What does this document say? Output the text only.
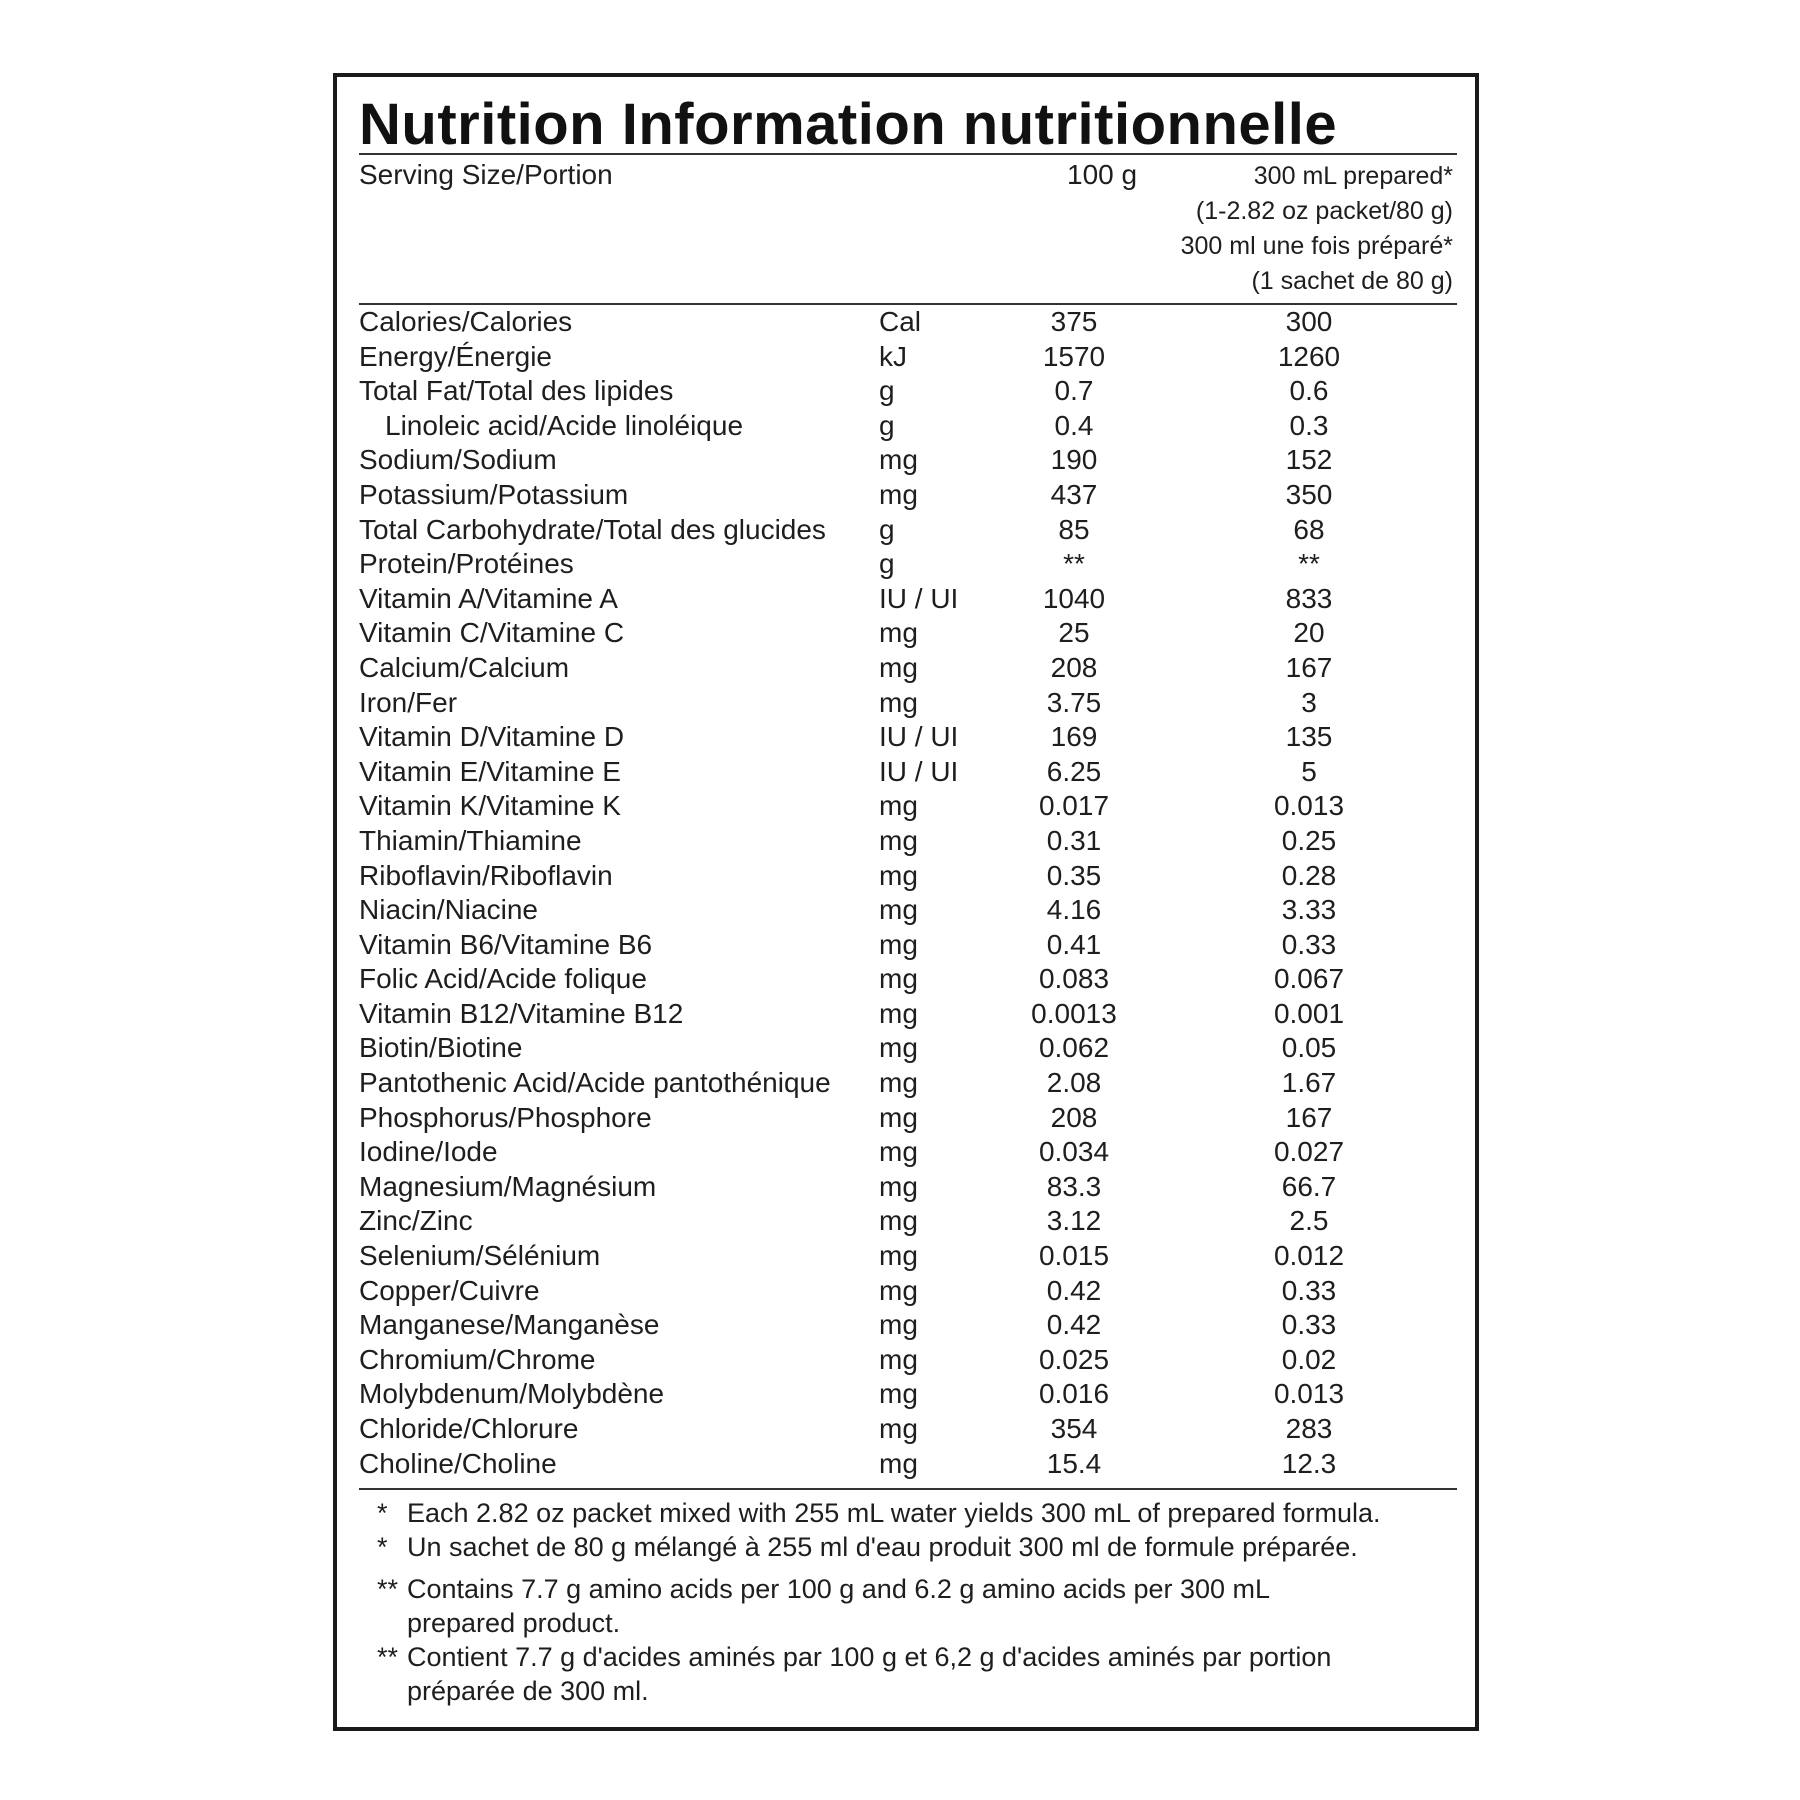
Nutrition Information nutritionnelle
Serving Size/Portion	100 g	300 mL prepared*
(1-2.82 oz packet/80 g)
300 ml une fois préparé*
(1 sachet de 80 g)
Calories/Calories	Cal	375	300
Energy/Énergie	kJ	1570	1260
Total Fat/Total des lipides	g	0.7	0.6
Linoleic acid/Acide linoléique	g	0.4	0.3
Sodium/Sodium	mg	190	152
Potassium/Potassium	mg	437	350
Total Carbohydrate/Total des glucides g	85	68
Protein/Protéines	g	**	**
Vitamin A/Vitamine A	IU / UI	1040	833
Vitamin C/Vitamine C	mg	25	20
Calcium/Calcium	mg	208	167
Iron/Fer	mg	3.75	3
Vitamin D/Vitamine D	IU / UI	169	135
Vitamin E/Vitamine E	IU / UI	6.25	5
Vitamin K/Vitamine K	mg	0.017	0.013
Thiamin/Thiamine	mg	0.31	0.25
Riboflavin/Riboflavin	mg	0.35	0.28
Niacin/Niacine	mg	4.16	3.33
Vitamin B6/Vitamine B6	mg	0.41	0.33
Folic Acid/Acide folique	mg	0.083	0.067
Vitamin B12/Vitamine B12	mg	0.0013	0.001
Biotin/Biotine	mg	0.062	0.05
Pantothenic Acid/Acide pantothénique mg	2.08	1.67
Phosphorus/Phosphore	mg	208	167
Iodine/Iode	mg	0.034	0.027
Magnesium/Magnésium	mg	83.3	66.7
Zinc/Zinc	mg	3.12	2.5
Selenium/Sélénium	mg	0.015	0.012
Copper/Cuivre	mg	0.42	0.33
Manganese/Manganèse	mg	0.42	0.33
Chromium/Chrome	mg	0.025	0.02
Molybdenum/Molybdène	mg	0.016	0.013
Chloride/Chlorure	mg	354	283
Choline/Choline	mg	15.4	12.3
* Each 2.82 oz packet mixed with 255 mL water yields 300 mL of prepared formula.
* Un sachet de 80 g mélangé à 255 ml d'eau produit 300 ml de formule préparée.
** Contains 7.7 g amino acids per 100 g and 6.2 g amino acids per 300 mL
prepared product.
** Contient 7.7 g d'acides aminés par 100 g et 6,2 g d'acides aminés par portion
préparée de 300 ml.
